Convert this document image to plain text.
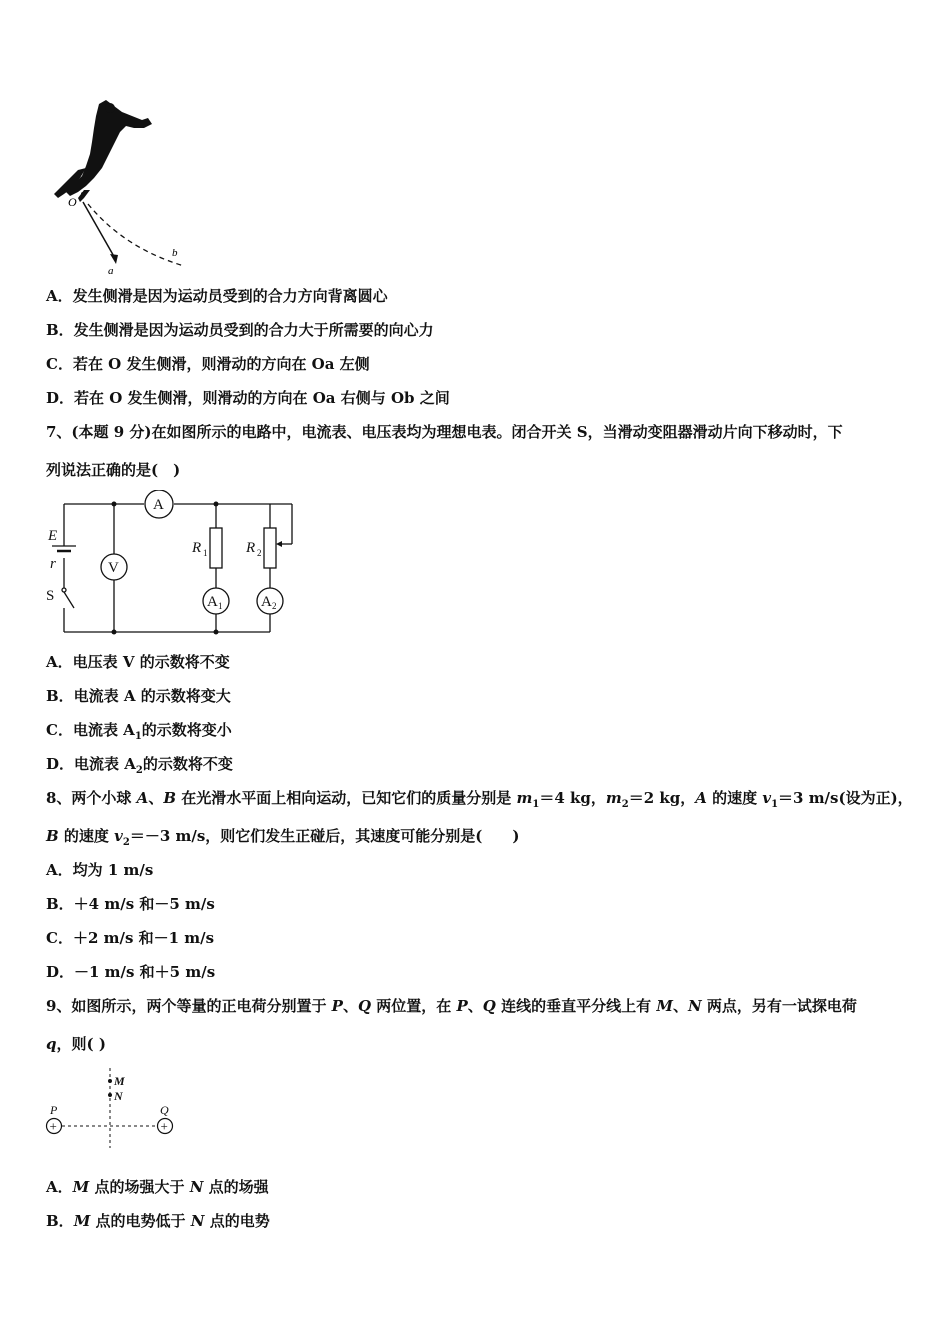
O
a
b
A．发生侧滑是因为运动员受到的合力方向背离圆心
B．发生侧滑是因为运动员受到的合力大于所需要的向心力
C．若在 O 发生侧滑，则滑动的方向在 Oa 左侧
D．若在 O 发生侧滑，则滑动的方向在 Oa 右侧与 Ob 之间
7、(本题 9 分)在如图所示的电路中，电流表、电压表均为理想电表。闭合开关 S，当滑动变阻器滑动片向下移动时，下
列说法正确的是(　)
A
V
E
r
S
R 1	R 2
A 1	A 2
A．电压表 V 的示数将不变
B．电流表 A 的示数将变大
C．电流表 $A_1$的示数将变小
D．电流表 $A_2$的示数将不变
8、两个小球 A、B 在光滑水平面上相向运动，已知它们的质量分别是 $m_1=4$ kg，$m_2=2$ kg，A 的速度 $v_1=3$ m/s(设为正)，
B 的速度 $v_2=-3$ m/s，则它们发生正碰后，其速度可能分别是(　　)
A．均为 1 m/s
B．＋4 m/s 和－5 m/s
C．＋2 m/s 和－1 m/s
D．－1 m/s 和＋5 m/s
9、如图所示，两个等量的正电荷分别置于 P、Q 两位置，在 P、Q 连线的垂直平分线上有 M、N 两点，另有一试探电荷
q，则( )
+	+
M
N
P	Q
A．M 点的场强大于 N 点的场强
B．M 点的电势低于 N 点的电势
